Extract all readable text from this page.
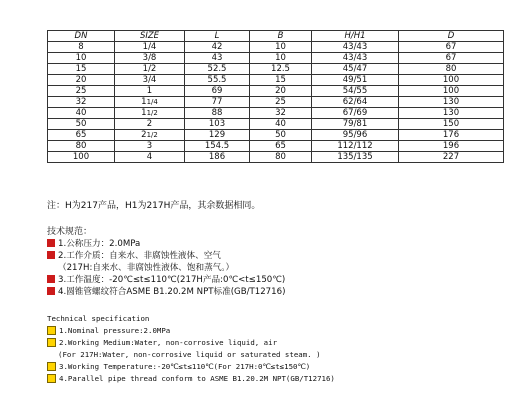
DN	SIZE	L	B	H/H1	D
8	1/4	42	10	43/43	67
10	3/8	43	10	43/43	67
15	1/2	52.5	12.5	45/47	80
20	3/4	55.5	15	49/51	100
25	1	69	20	54/55	100
32	11/4	77	25	62/64	130
40	11/2	88	32	67/69	130
50	2	103	40	79/81	150
65	21/2	129	50	95/96	176
80	3	154.5	65	112/112	196
100	4	186	80	135/135	227
注：H为217产品，H1为217H产品，其余数据相同。
技术规范：
1.公称压力：2.0MPa
2.工作介质：自来水、非腐蚀性液体、空气
（217H:自来水、非腐蚀性液体、饱和蒸气。）
3.工作温度：-20℃≤t≤110℃(217H产品:0℃<t≤150℃)
4.圆锥管螺纹符合ASME B1.20.2M NPT标准(GB/T12716)
Technical specification
1.Nominal pressure:2.0MPa
2.Working Medium:Water, non-corrosive liquid, air
(For 217H:Water, non-corrosive liquid or saturated steam. )
3.Working Temperature:-20℃≤t≤110℃(For 217H:0℃≤t≤150℃)
4.Parallel pipe thread conform to ASME B1.20.2M NPT(GB/T12716)
